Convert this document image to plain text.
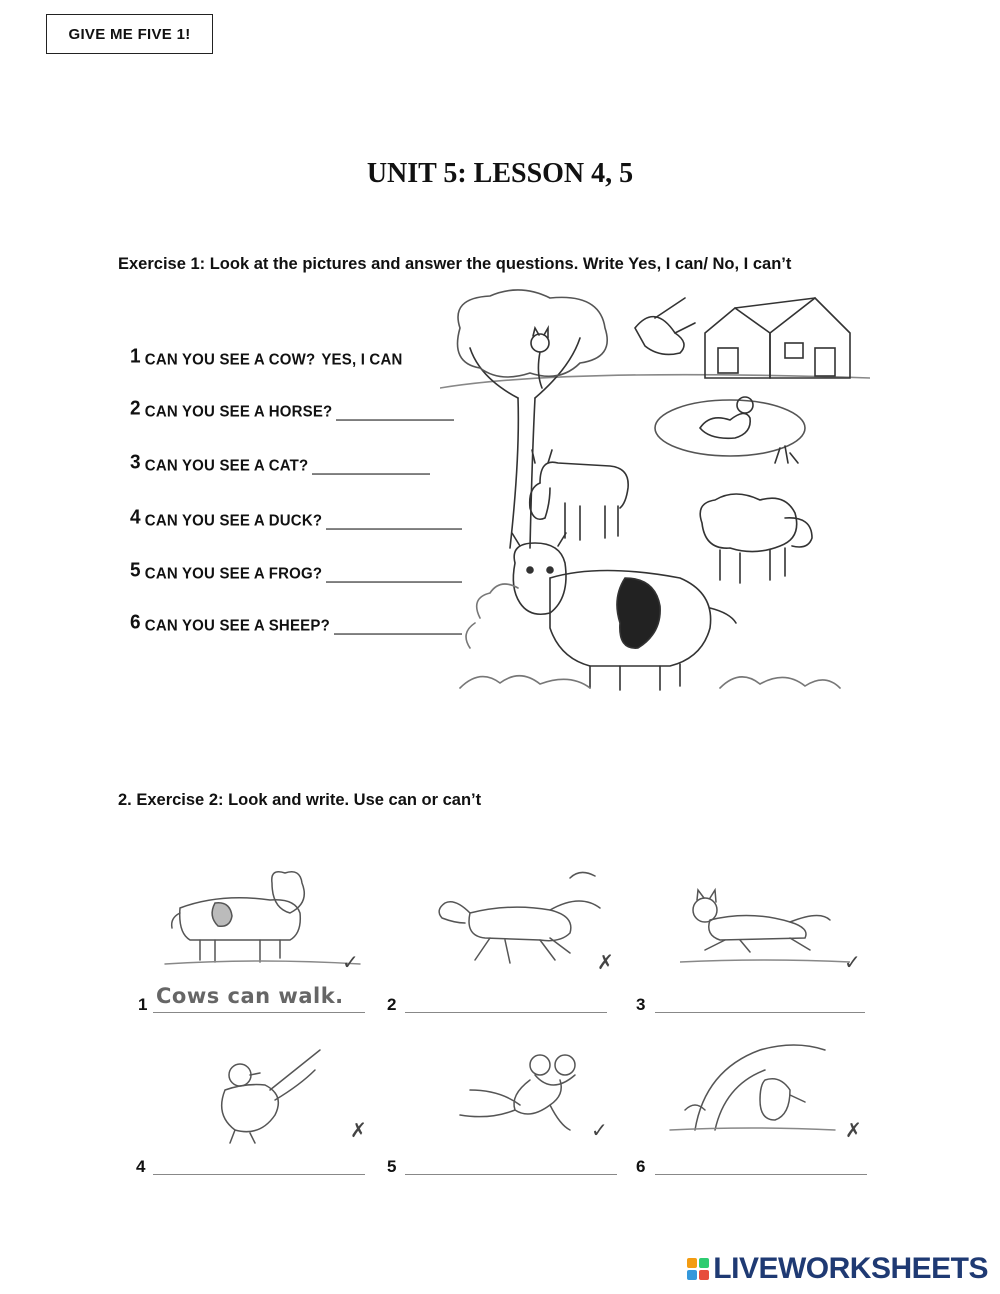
GIVE ME FIVE 1!
UNIT 5: LESSON 4, 5
Exercise 1: Look at the pictures and answer the questions. Write Yes, I can/ No, I can’t
1 CAN YOU SEE A COW? YES, I CAN
2 CAN YOU SEE A HORSE?
3 CAN YOU SEE A CAT?
4 CAN YOU SEE A DUCK?
5 CAN YOU SEE A FROG?
6 CAN YOU SEE A SHEEP?
2. Exercise 2: Look and write. Use can or can’t
✓	✗	✓
1 Cows can walk.	2	3
✗	✓	✗
4	5	6
LIVEWORKSHEETS
